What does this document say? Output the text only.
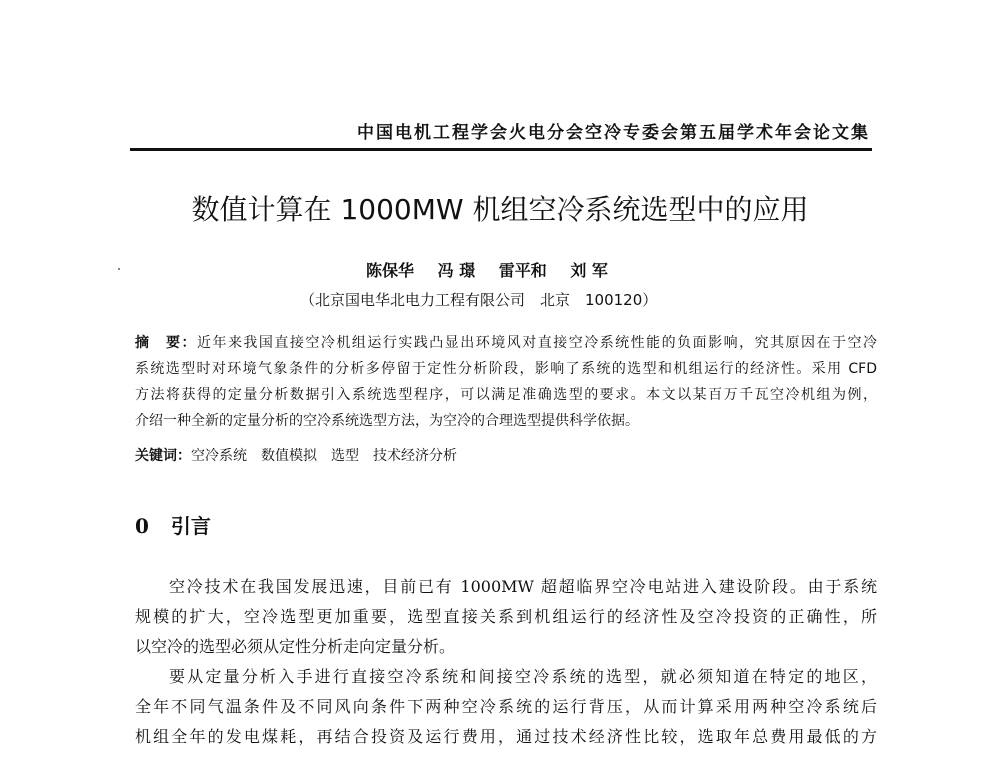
中国电机工程学会火电分会空冷专委会第五届学术年会论文集
数值计算在 1000MW 机组空冷系统选型中的应用
陈保华 冯 璟 雷平和 刘 军
（北京国电华北电力工程有限公司　北京　100120）
摘　要：近年来我国直接空冷机组运行实践凸显出环境风对直接空冷系统性能的负面影响，究其原因在于空冷
系统选型时对环境气象条件的分析多停留于定性分析阶段，影响了系统的选型和机组运行的经济性。采用 CFD
方法将获得的定量分析数据引入系统选型程序，可以满足准确选型的要求。本文以某百万千瓦空冷机组为例，
介绍一种全新的定量分析的空冷系统选型方法，为空冷的合理选型提供科学依据。
关键词：空冷系统 数值模拟 选型 技术经济分析
0 引言
空冷技术在我国发展迅速，目前已有 1000MW 超超临界空冷电站进入建设阶段。由于系统
规模的扩大，空冷选型更加重要，选型直接关系到机组运行的经济性及空冷投资的正确性，所
以空冷的选型必须从定性分析走向定量分析。
要从定量分析入手进行直接空冷系统和间接空冷系统的选型，就必须知道在特定的地区，
全年不同气温条件及不同风向条件下两种空冷系统的运行背压，从而计算采用两种空冷系统后
机组全年的发电煤耗，再结合投资及运行费用，通过技术经济性比较，选取年总费用最低的方
